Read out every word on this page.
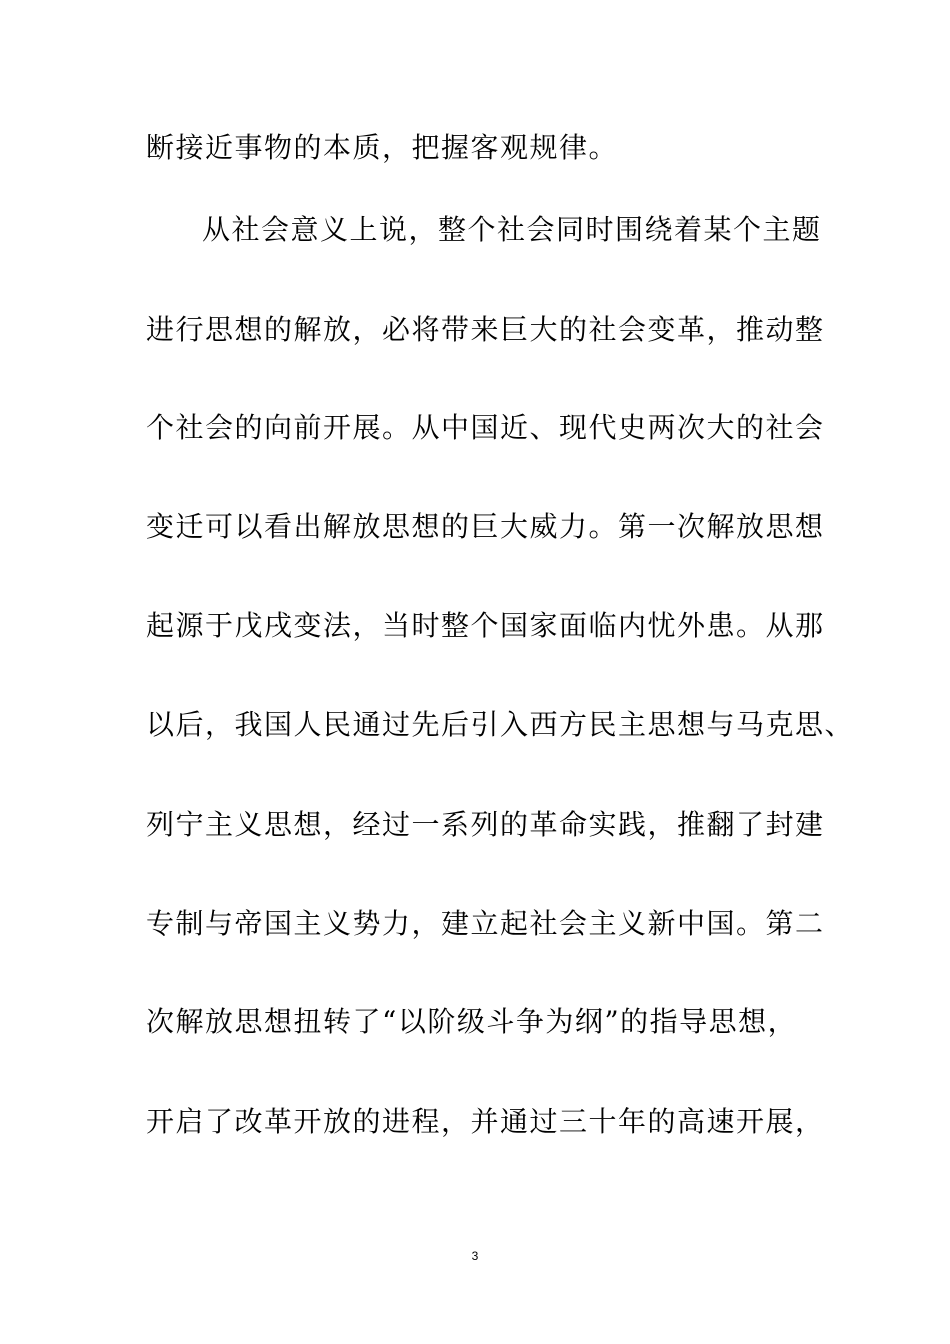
断接近事物的本质，把握客观规律。
从社会意义上说，整个社会同时围绕着某个主题
进行思想的解放，必将带来巨大的社会变革，推动整
个社会的向前开展。从中国近、现代史两次大的社会
变迁可以看出解放思想的巨大威力。第一次解放思想
起源于戊戌变法，当时整个国家面临内忧外患。从那
以后，我国人民通过先后引入西方民主思想与马克思、
列宁主义思想，经过一系列的革命实践，推翻了封建
专制与帝国主义势力，建立起社会主义新中国。第二
次解放思想扭转了“以阶级斗争为纲”的指导思想，
开启了改革开放的进程，并通过三十年的高速开展，
3
